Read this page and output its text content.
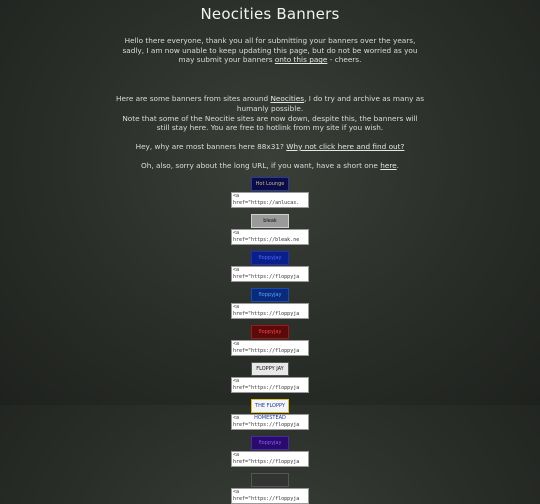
Neocities Banners

Hello there everyone, thank you all for submitting your banners over the years, sadly, I am now unable to keep updating this page, but do not be worried as you may submit your banners onto this page - cheers.

Here are some banners from sites around Neocities, I do try and archive as many as humanly possible.
Note that some of the Neocitie sites are now down, despite this, the banners will still stay here. You are free to hotlink from my site if you wish.

Hey, why are most banners here 88x31? Why not click here and find out?

Oh, also, sorry about the long URL, if you want, have a short one here.

Hot Lounge
<a
href="https://anlucas.
bleak
<a
href="https://bleak.ne
floppyjay
<a
href="https://floppyja
floppyjay
<a
href="https://floppyja
floppyjay
<a
href="https://floppyja
FLOPPY JAY
<a
href="https://floppyja
THE FLOPPY HOMESTEAD
<a
href="https://floppyja
floppyjay
<a
href="https://floppyja
<a
href="https://floppyja
